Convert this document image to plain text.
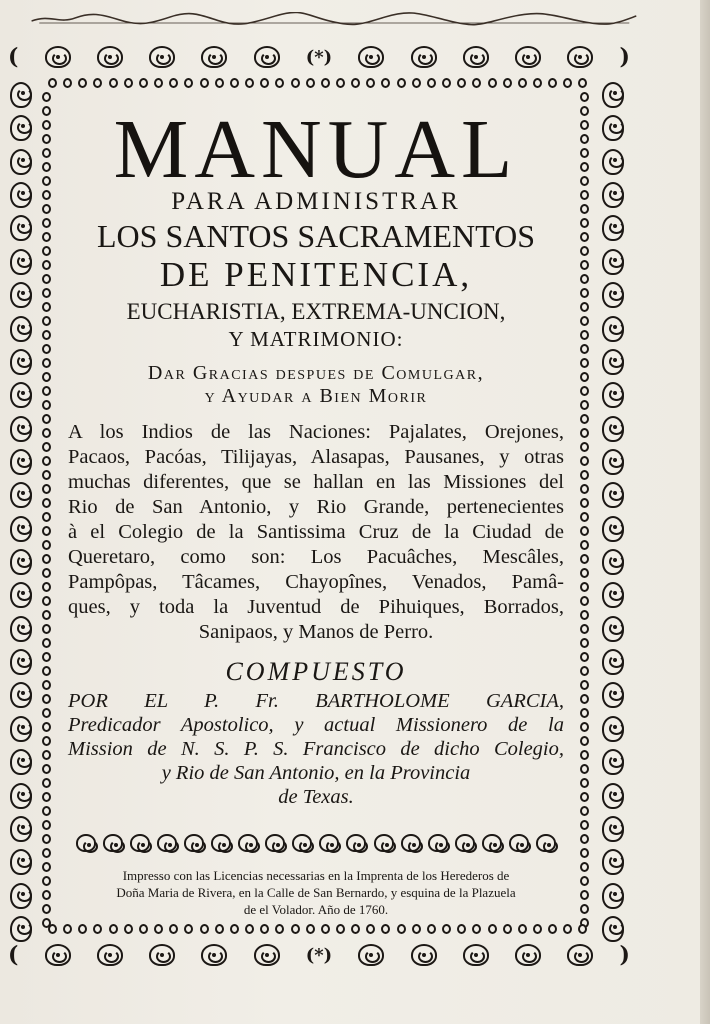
(	(*)	)
(	(*)	)
MANUAL
PARA ADMINISTRAR
LOS SANTOS SACRAMENTOS
DE PENITENCIA,
EUCHARISTIA, EXTREMA-UNCION,
Y MATRIMONIO:
Dar Gracias despues de Comulgar,
y Ayudar a Bien Morir
A los Indios de las Naciones: Pajalates, Orejones,
Pacaos, Pacóas, Tilijayas, Alasapas, Pausanes, y otras
muchas diferentes, que se hallan en las Missiones del
Rio de San Antonio, y Rio Grande, pertenecientes
à el Colegio de la Santissima Cruz de la Ciudad de
Queretaro, como son: Los Pacuâches, Mescâles,
Pampôpas, Tâcames, Chayopînes, Venados, Pamâ-
ques, y toda la Juventud de Pihuiques, Borrados,
Sanipaos, y Manos de Perro.
COMPUESTO
POR EL P. Fr. BARTHOLOME GARCIA,
Predicador Apostolico, y actual Missionero de la
Mission de N. S. P. S. Francisco de dicho Colegio,
y Rio de San Antonio, en la Provincia
de Texas.
Impresso con las Licencias necessarias en la Imprenta de los Herederos de
Doña Maria de Rivera, en la Calle de San Bernardo, y esquina de la Plazuela
de el Volador. Año de 1760.
